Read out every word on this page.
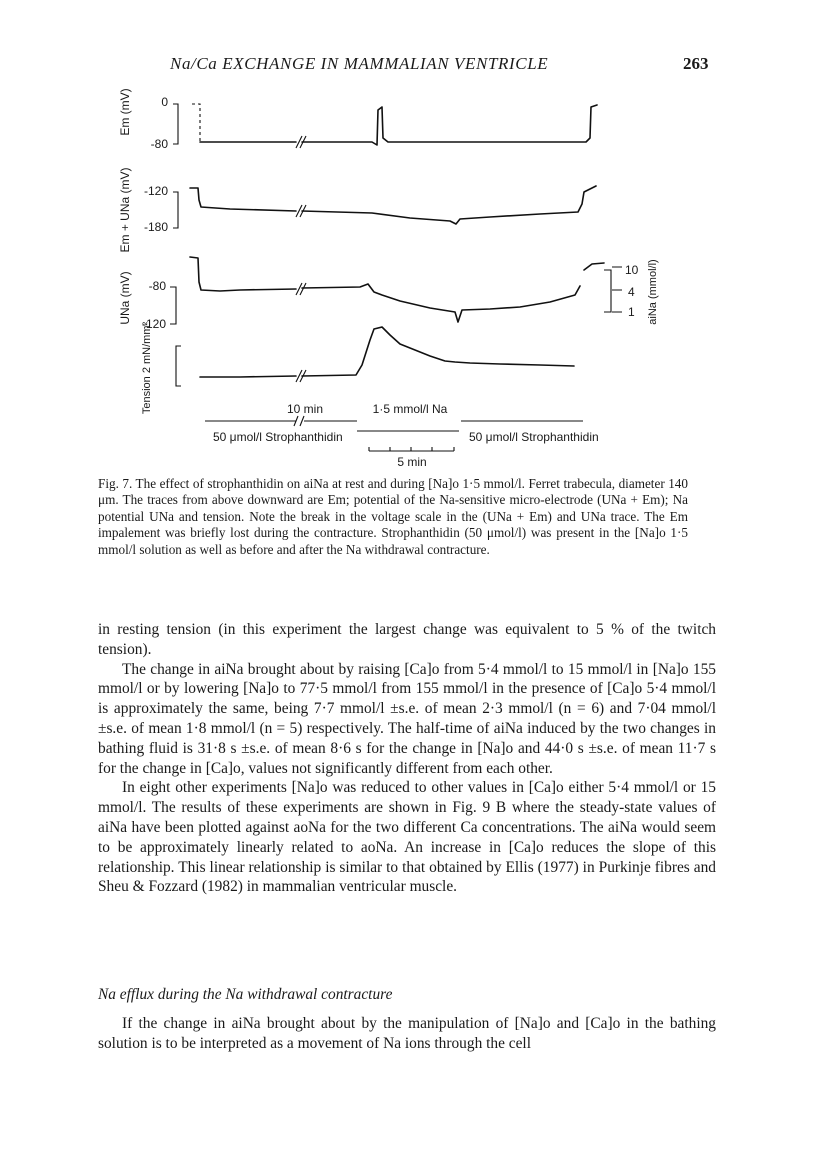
Na/Ca EXCHANGE IN MAMMALIAN VENTRICLE	263
Em (mV) 0
-80
Em + UNa (mV) -120
-180
UNa (mV) -80
-120
10
4
1 aiNa (mmol/l)
Tension 2 mN/mm²	10 min	1·5 mmol/l Na
50 μmol/l Strophanthidin	50 μmol/l Strophanthidin
5 min

Fig. 7. The effect of strophanthidin on aiNa at rest and during [Na]o 1·5 mmol/l. Ferret trabecula, diameter 140 μm. The traces from above downward are Em; potential of the Na-sensitive micro-electrode (UNa + Em); Na potential UNa and tension. Note the break in the voltage scale in the (UNa + Em) and UNa trace. The Em impalement was briefly lost during the contracture. Strophanthidin (50 μmol/l) was present in the [Na]o 1·5 mmol/l solution as well as before and after the Na withdrawal contracture.

in resting tension (in this experiment the largest change was equivalent to 5 % of the twitch tension).

The change in aiNa brought about by raising [Ca]o from 5·4 mmol/l to 15 mmol/l in [Na]o 155 mmol/l or by lowering [Na]o to 77·5 mmol/l from 155 mmol/l in the presence of [Ca]o 5·4 mmol/l is approximately the same, being 7·7 mmol/l ±s.e. of mean 2·3 mmol/l (n = 6) and 7·04 mmol/l ±s.e. of mean 1·8 mmol/l (n = 5) respectively. The half-time of aiNa induced by the two changes in bathing fluid is 31·8 s ±s.e. of mean 8·6 s for the change in [Na]o and 44·0 s ±s.e. of mean 11·7 s for the change in [Ca]o, values not significantly different from each other.

In eight other experiments [Na]o was reduced to other values in [Ca]o either 5·4 mmol/l or 15 mmol/l. The results of these experiments are shown in Fig. 9 B where the steady-state values of aiNa have been plotted against aoNa for the two different Ca concentrations. The aiNa would seem to be approximately linearly related to aoNa. An increase in [Ca]o reduces the slope of this relationship. This linear relationship is similar to that obtained by Ellis (1977) in Purkinje fibres and Sheu & Fozzard (1982) in mammalian ventricular muscle.

Na efflux during the Na withdrawal contracture

If the change in aiNa brought about by the manipulation of [Na]o and [Ca]o in the bathing solution is to be interpreted as a movement of Na ions through the cell
